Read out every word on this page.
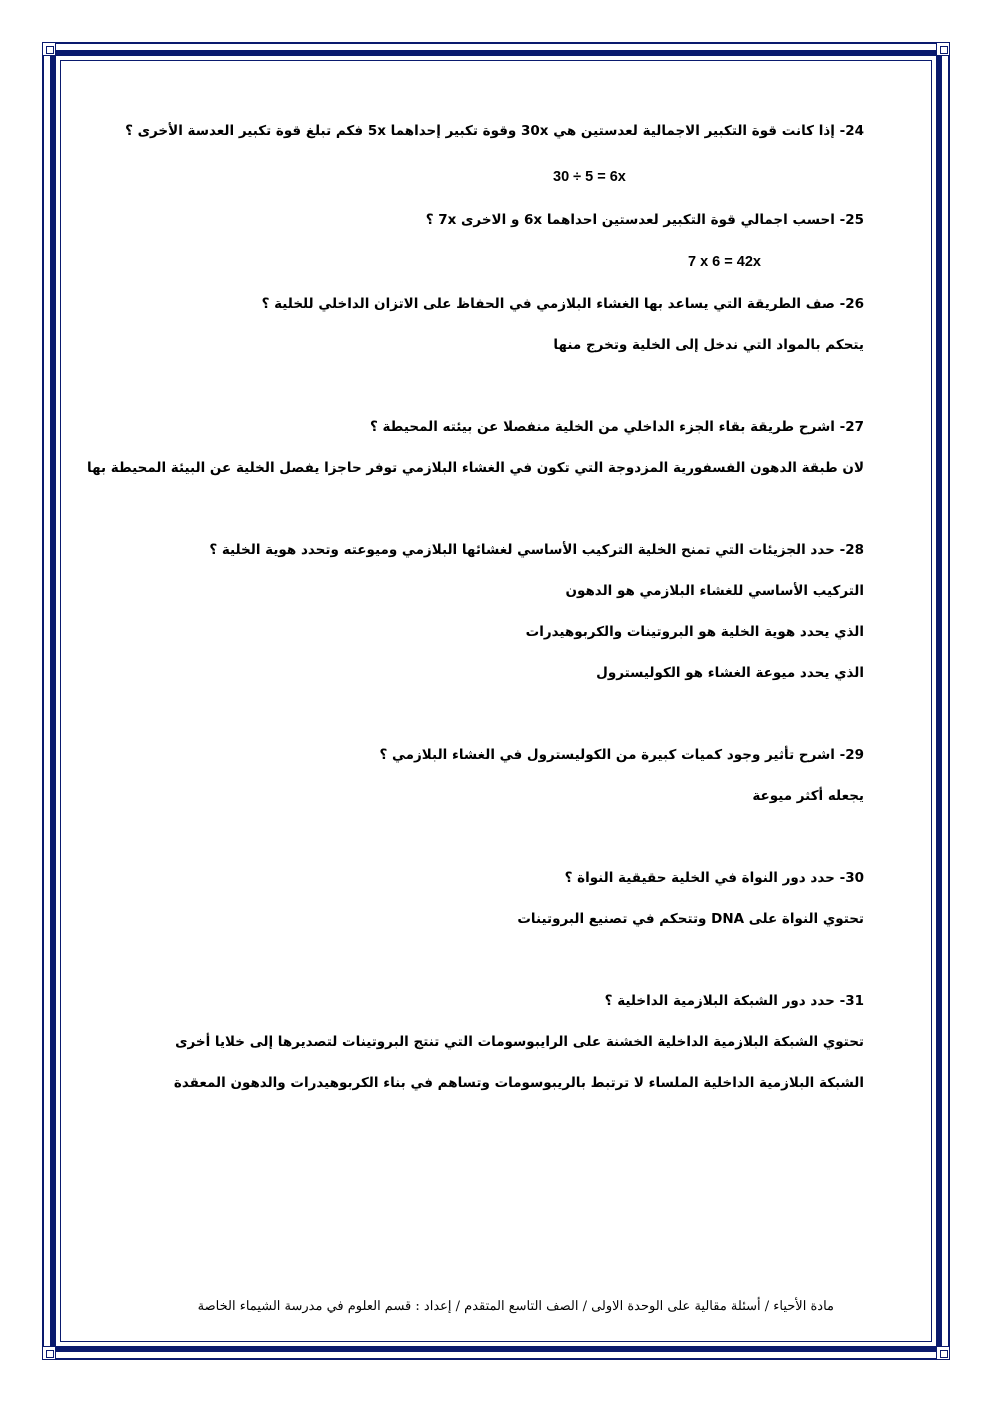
24- إذا كانت قوة التكبير الاجمالية لعدستين هي 30x وقوة تكبير إحداهما 5x فكم تبلغ قوة تكبير العدسة الأخرى ؟
30 ÷ 5 = 6x
25- احسب اجمالي قوة التكبير لعدستين احداهما 6x و الاخرى 7x ؟
7 x 6 = 42x
26- صف الطريقة التي يساعد بها الغشاء البلازمي في الحفاظ على الاتزان الداخلي للخلية ؟
يتحكم بالمواد التي ندخل إلى الخلية وتخرج منها
27- اشرح طريقة بقاء الجزء الداخلي من الخلية منفصلا عن بيئته المحيطة ؟
لان طبقة الدهون الفسفورية المزدوجة التي تكون في الغشاء البلازمي توفر حاجزا يفصل الخلية عن البيئة المحيطة بها
28- حدد الجزيئات التي تمنح الخلية التركيب الأساسي لغشائها البلازمي وميوعته وتحدد هوية الخلية ؟
التركيب الأساسي للغشاء البلازمي هو الدهون
الذي يحدد هوية الخلية هو البروتينات والكربوهيدرات
الذي يحدد ميوعة الغشاء هو الكوليسترول
29- اشرح تأثير وجود كميات كبيرة من الكوليسترول في الغشاء البلازمي ؟
يجعله أكثر ميوعة
30- حدد دور النواة في الخلية حقيقية النواة ؟
تحتوي النواة على DNA وتتحكم في تصنيع البروتينات
31- حدد دور الشبكة البلازمية الداخلية ؟
تحتوي الشبكة البلازمية الداخلية الخشنة على الرايبوسومات التي تنتج البروتينات لتصديرها إلى خلايا أخرى
الشبكة البلازمية الداخلية الملساء لا ترتبط بالريبوسومات وتساهم في بناء الكربوهيدرات والدهون المعقدة
مادة الأحياء / أسئلة مقالية على الوحدة الاولى / الصف التاسع المتقدم / إعداد : قسم العلوم في مدرسة الشيماء الخاصة
